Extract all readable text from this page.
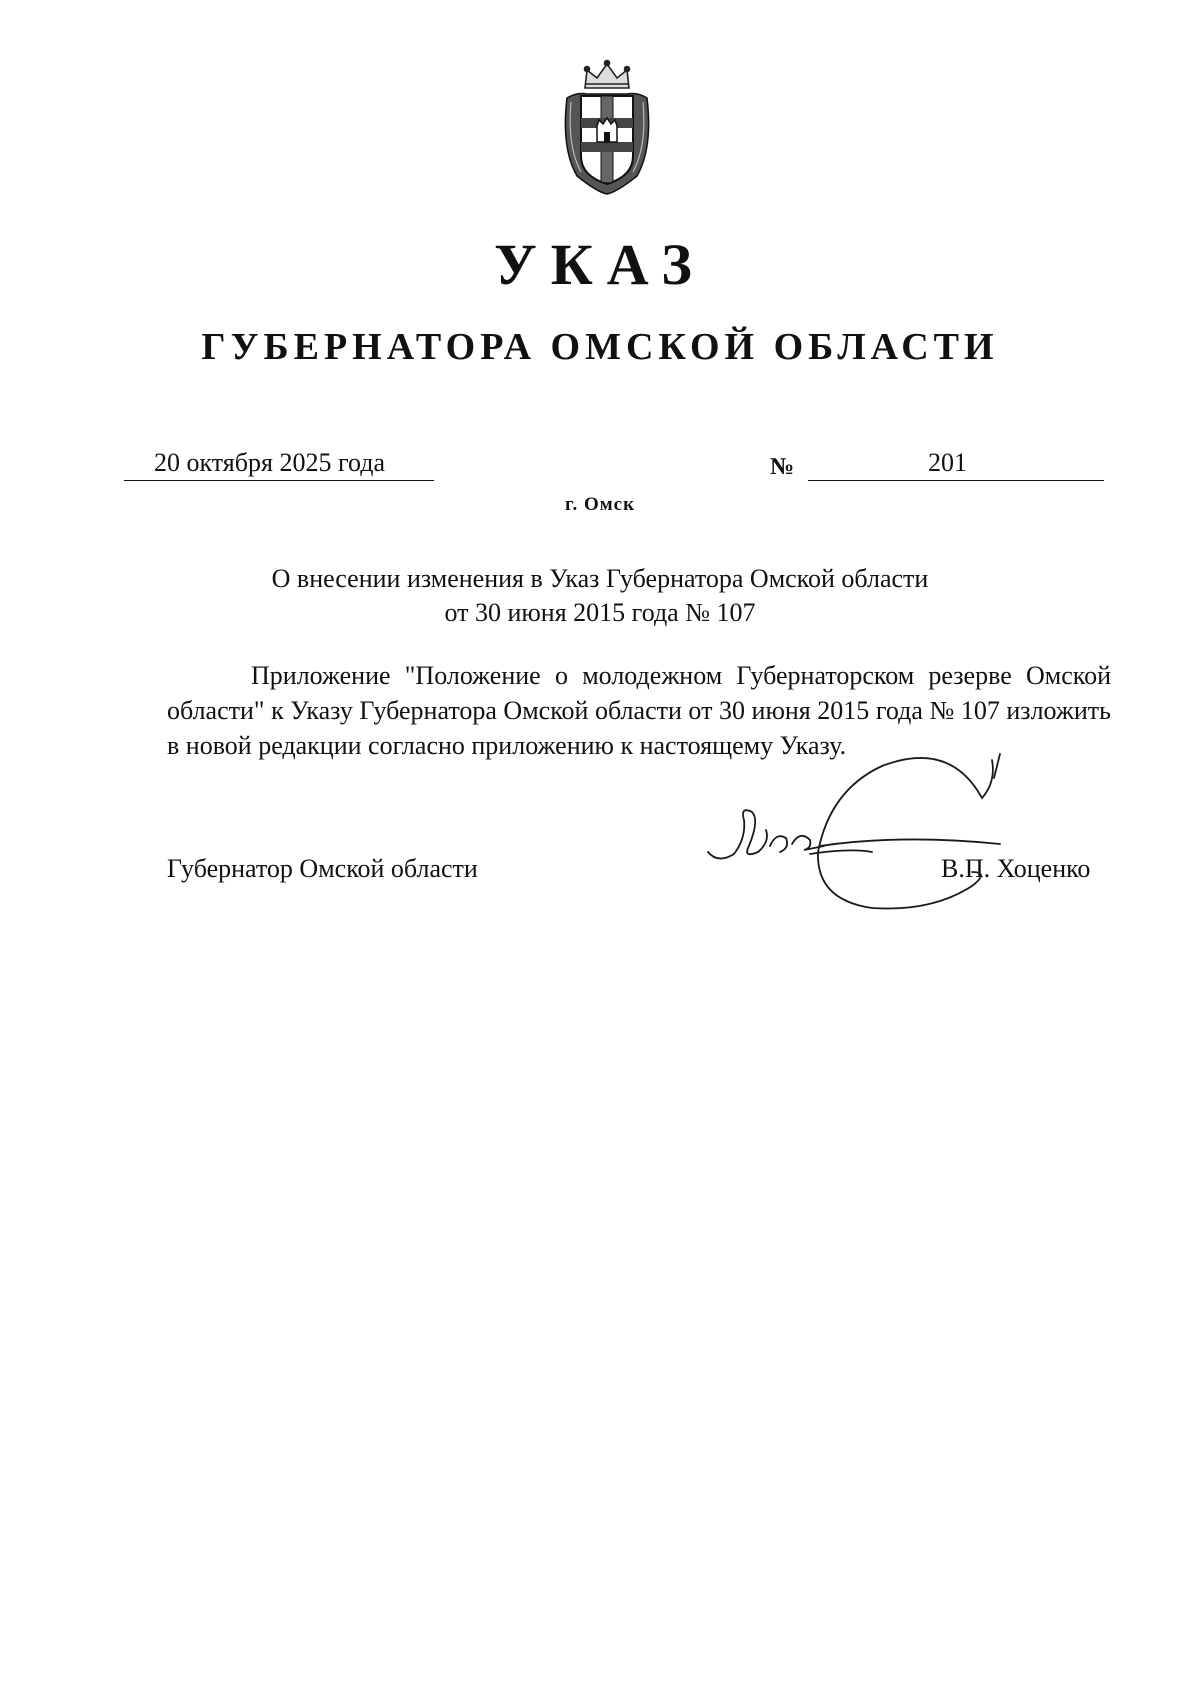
УКАЗ
ГУБЕРНАТОРА ОМСКОЙ ОБЛАСТИ
20 октября 2025 года	№	201
г. Омск
О внесении изменения в Указ Губернатора Омской области
от 30 июня 2015 года № 107

Приложение "Положение о молодежном Губернаторском резерве Омской области" к Указу Губернатора Омской области от 30 июня 2015 года № 107 изложить в новой редакции согласно приложению к настоящему Указу.

Губернатор Омской области	В.П. Хоценко
